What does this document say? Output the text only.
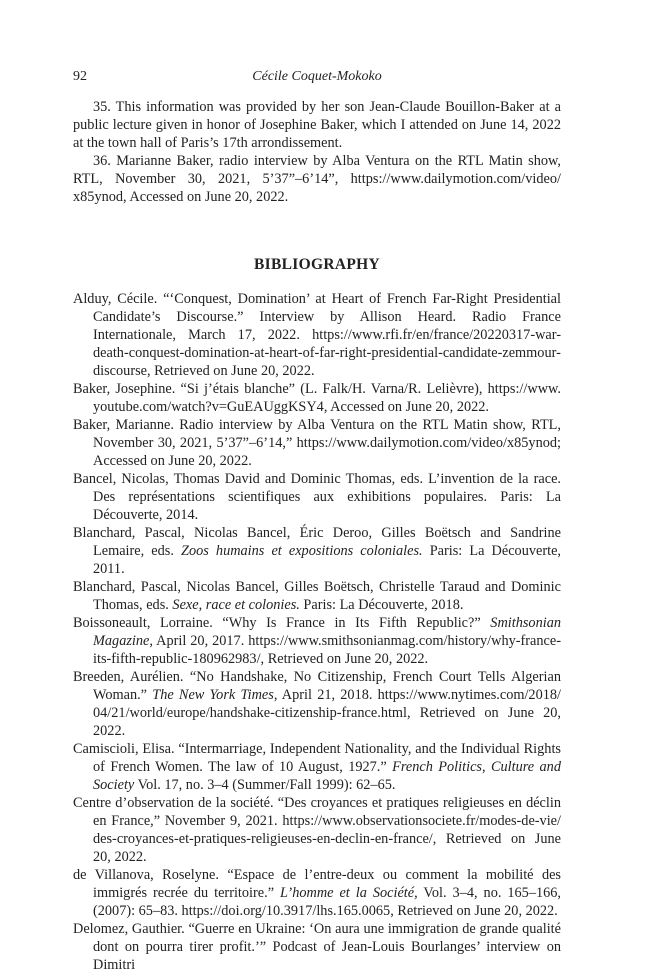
92	Cécile Coquet-Mokoko

35. This information was provided by her son Jean-Claude Bouillon-Baker at a public lecture given in honor of Josephine Baker, which I attended on June 14, 2022 at the town hall of Paris’s 17th arrondissement.

36. Marianne Baker, radio interview by Alba Ventura on the RTL Matin show, RTL, November 30, 2021, 5’37”–6’14”, https:/​/​www.​dailymotion.​com/​video/​x85ynod, Accessed on June 20, 2022.

BIBLIOGRAPHY

Alduy, Cécile. “‘Conquest, Domination’ at Heart of French Far-Right Presidential Candidate’s Discourse.” Interview by Allison Heard. Radio France Internationale, March 17, 2022. https:/​/​www.​rfi.​fr/​en/​france/​20220317-​war-​death-​conquest-​domination-​at-​heart-​of-​far-​right-​presidential-​candidate-​zemmour-​discourse, Retrieved on June 20, 2022.

Baker, Josephine. “Si j’étais blanche” (L. Falk/H. Varna/R. Lelièvre), https:/​/​www.​youtube.​com/​watch?​v=​GuEAUggKSY4, Accessed on June 20, 2022.

Baker, Marianne. Radio interview by Alba Ventura on the RTL Matin show, RTL, November 30, 2021, 5’37”–6’14,” https:/​/​www.​dailymotion.​com/​video/​x85ynod; Accessed on June 20, 2022.

Bancel, Nicolas, Thomas David and Dominic Thomas, eds. L’invention de la race. Des représentations scientifiques aux exhibitions populaires. Paris: La Découverte, 2014.

Blanchard, Pascal, Nicolas Bancel, Éric Deroo, Gilles Boëtsch and Sandrine Lemaire, eds. Zoos humains et expositions coloniales. Paris: La Découverte, 2011.

Blanchard, Pascal, Nicolas Bancel, Gilles Boëtsch, Christelle Taraud and Dominic Thomas, eds. Sexe, race et colonies. Paris: La Découverte, 2018.

Boissoneault, Lorraine. “Why Is France in Its Fifth Republic?” Smithsonian Magazine, April 20, 2017. https:/​/​www.​smithsonianmag.​com/​history/​why-​france-​its-​fifth-​republic-​180962983/​, Retrieved on June 20, 2022.

Breeden, Aurélien. “No Handshake, No Citizenship, French Court Tells Algerian Woman.” The New York Times, April 21, 2018. https:/​/​www.​nytimes.​com/​2018/​04/​21/​world/​europe/​handshake-​citizenship-​france.​html, Retrieved on June 20, 2022.

Camiscioli, Elisa. “Intermarriage, Independent Nationality, and the Individual Rights of French Women. The law of 10 August, 1927.” French Politics, Culture and Society Vol. 17, no. 3–4 (Summer/Fall 1999): 62–65.

Centre d’observation de la société. “Des croyances et pratiques religieuses en déclin en France,” November 9, 2021. https:/​/​www.​observationsociete.​fr/​modes-​de-​vie/​des-​croyances-​et-​pratiques-​religieuses-​en-​declin-​en-​france/​, Retrieved on June 20, 2022.

de Villanova, Roselyne. “Espace de l’entre-deux ou comment la mobilité des immigrés recrée du territoire.” L’homme et la Société, Vol. 3–4, no. 165–166, (2007): 65–83. https:/​/​doi.​org/​10.​3917/​lhs.​165.​0065, Retrieved on June 20, 2022.

Delomez, Gauthier. “Guerre en Ukraine: ‘On aura une immigration de grande qualité dont on pourra tirer profit.’” Podcast of Jean-Louis Bourlanges’ interview on Dimitri
